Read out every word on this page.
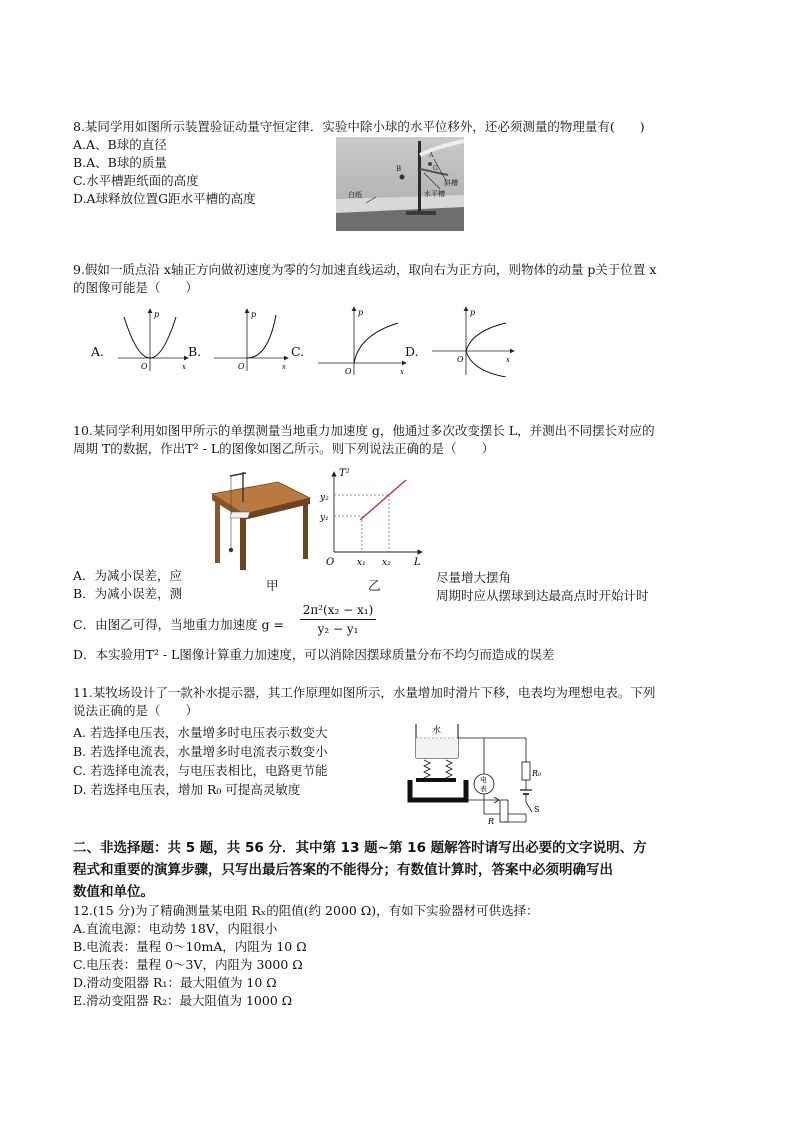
8.某同学用如图所示装置验证动量守恒定律．实验中除小球的水平位移外，还必须测量的物理量有(　　)
A.A、B球的直径
B.A、B球的质量
C.水平槽距纸面的高度
D.A球释放位置G距水平槽的高度
B
A
G
斜槽
水平槽
白纸
9.假如一质点沿 x轴正方向做初速度为零的匀加速直线运动，取向右为正方向，则物体的动量 p关于位置 x
的图像可能是（　　）
A.	B.	C.	D.
p
x
O
p
x
O
p
x
O
p
x
O
10.某同学利用如图甲所示的单摆测量当地重力加速度 g，他通过多次改变摆长 L，并测出不同摆长对应的
周期 T的数据，作出T² - L的图像如图乙所示。则下列说法正确的是（　　）
T²
L
y₂
y₁
x₁ x₂
O
A．为减小误差，应	尽量增大摆角
甲	乙
B．为减小误差，测	周期时应从摆球到达最高点时开始计时
C．由图乙可得，当地重力加速度 $g = \frac{\text{2π²(x₂ − x₁)}}{\text{y₂ − y₁}}$
D．本实验用T² - L图像计算重力加速度，可以消除因摆球质量分布不均匀而造成的误差
11.某牧场设计了一款补水提示器，其工作原理如图所示，水量增加时滑片下移，电表均为理想电表。下列
说法正确的是（　　）
A. 若选择电压表，水量增多时电压表示数变大
B. 若选择电流表，水量增多时电流表示数变小
C. 若选择电流表，与电压表相比，电路更节能
D. 若选择电压表，增加 R₀ 可提高灵敏度
水
电
表
R₀
S
R
二、非选择题：共 5 题，共 56 分．其中第 13 题~第 16 题解答时请写出必要的文字说明、方
程式和重要的演算步骤，只写出最后答案的不能得分；有数值计算时，答案中必须明确写出
数值和单位。
12.(15 分)为了精确测量某电阻 Rₓ的阻值(约 2000 Ω)，有如下实验器材可供选择：
A.直流电源：电动势 18V，内阻很小
B.电流表：量程 0～10mA，内阻为 10 Ω
C.电压表：量程 0～3V，内阻为 3000 Ω
D.滑动变阻器 R₁：最大阻值为 10 Ω
E.滑动变阻器 R₂：最大阻值为 1000 Ω
